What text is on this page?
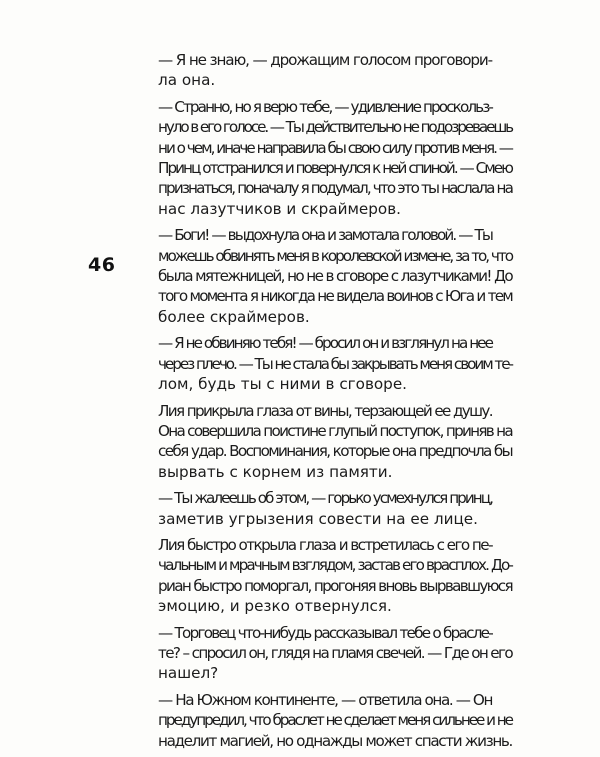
46

— Я не знаю, — дрожащим голосом проговори-
ла она.

— Странно, но я верю тебе, — удивление проскольз-
нуло в его голосе. — Ты действительно не подозреваешь
ни о чем, иначе направила бы свою силу против меня. —
Принц отстранился и повернулся к ней спиной. — Смею
признаться, поначалу я подумал, что это ты наслала на
нас лазутчиков и скраймеров.

— Боги! — выдохнула она и замотала головой. — Ты
можешь обвинять меня в королевской измене, за то, что
была мятежницей, но не в сговоре с лазутчиками! До
того момента я никогда не видела воинов с Юга и тем
более скраймеров.

— Я не обвиняю тебя! — бросил он и взглянул на нее
через плечо. — Ты не стала бы закрывать меня своим те-
лом, будь ты с ними в сговоре.

Лия прикрыла глаза от вины, терзающей ее душу.
Она совершила поистине глупый поступок, приняв на
себя удар. Воспоминания, которые она предпочла бы
вырвать с корнем из памяти.

— Ты жалеешь об этом, — горько усмехнулся принц,
заметив угрызения совести на ее лице.

Лия быстро открыла глаза и встретилась с его пе-
чальным и мрачным взглядом, застав его врасплох. До-
риан быстро поморгал, прогоняя вновь вырвавшуюся
эмоцию, и резко отвернулся.

— Торговец что-нибудь рассказывал тебе о брасле-
те? – спросил он, глядя на пламя свечей. — Где он его
нашел?

— На Южном континенте, — ответила она. — Он
предупредил, что браслет не сделает меня сильнее и не
наделит магией, но однажды может спасти жизнь.
